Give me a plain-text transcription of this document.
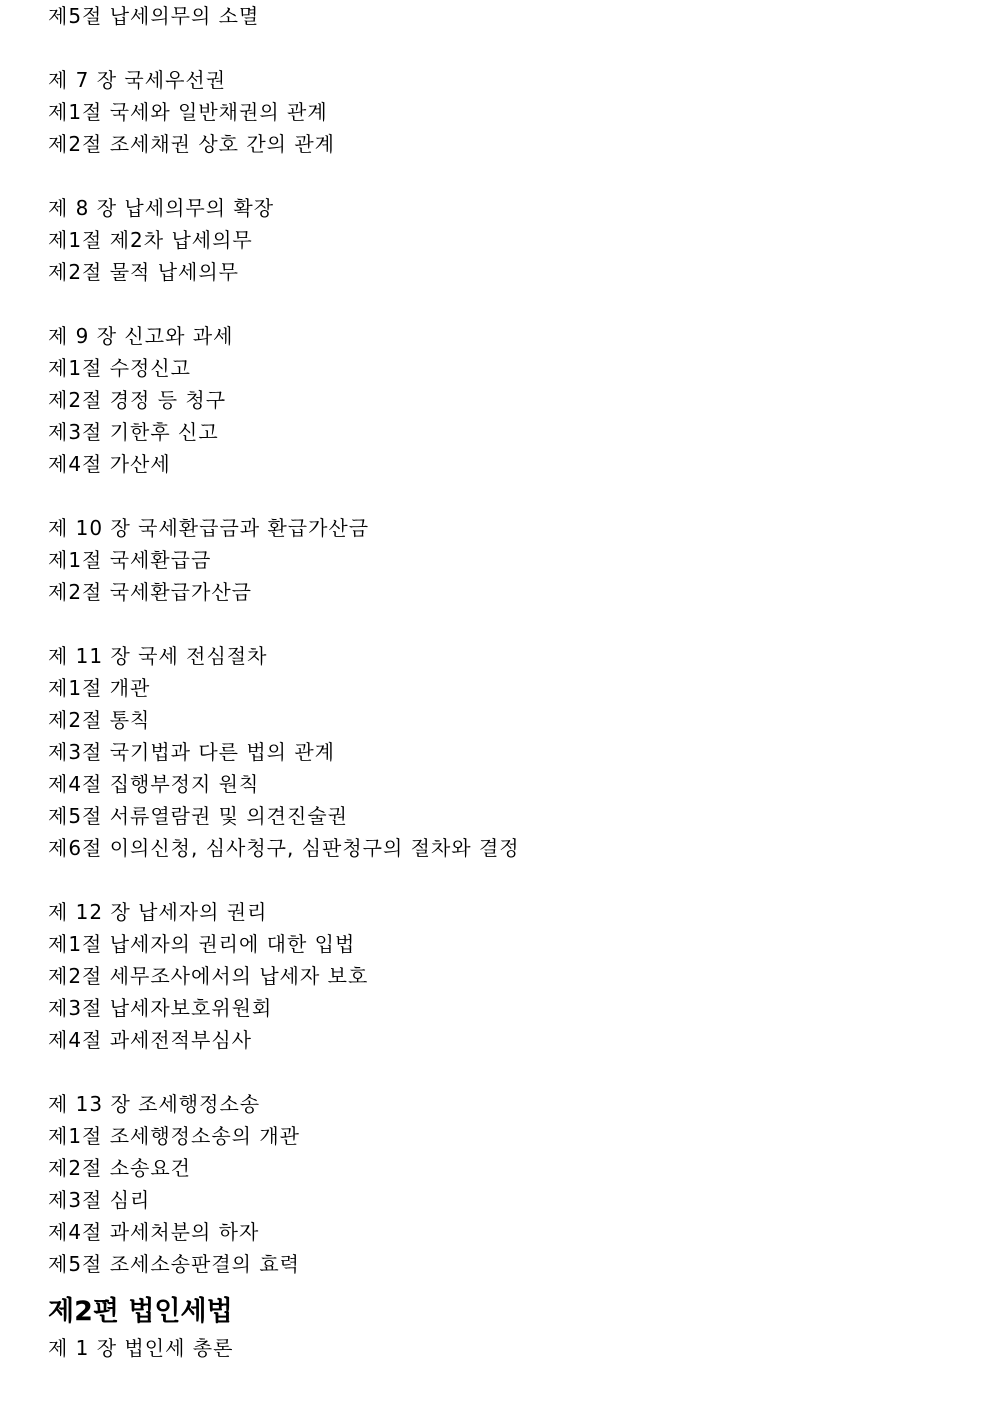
제5절 납세의무의 소멸
제 7 장 국세우선권
제1절 국세와 일반채권의 관계
제2절 조세채권 상호 간의 관계
제 8 장 납세의무의 확장
제1절 제2차 납세의무
제2절 물적 납세의무
제 9 장 신고와 과세
제1절 수정신고
제2절 경정 등 청구
제3절 기한후 신고
제4절 가산세
제 10 장 국세환급금과 환급가산금
제1절 국세환급금
제2절 국세환급가산금
제 11 장 국세 전심절차
제1절 개관
제2절 통칙
제3절 국기법과 다른 법의 관계
제4절 집행부정지 원칙
제5절 서류열람권 및 의견진술권
제6절 이의신청, 심사청구, 심판청구의 절차와 결정
제 12 장 납세자의 권리
제1절 납세자의 권리에 대한 입법
제2절 세무조사에서의 납세자 보호
제3절 납세자보호위원회
제4절 과세전적부심사
제 13 장 조세행정소송
제1절 조세행정소송의 개관
제2절 소송요건
제3절 심리
제4절 과세처분의 하자
제5절 조세소송판결의 효력
제2편 법인세법
제 1 장 법인세 총론
